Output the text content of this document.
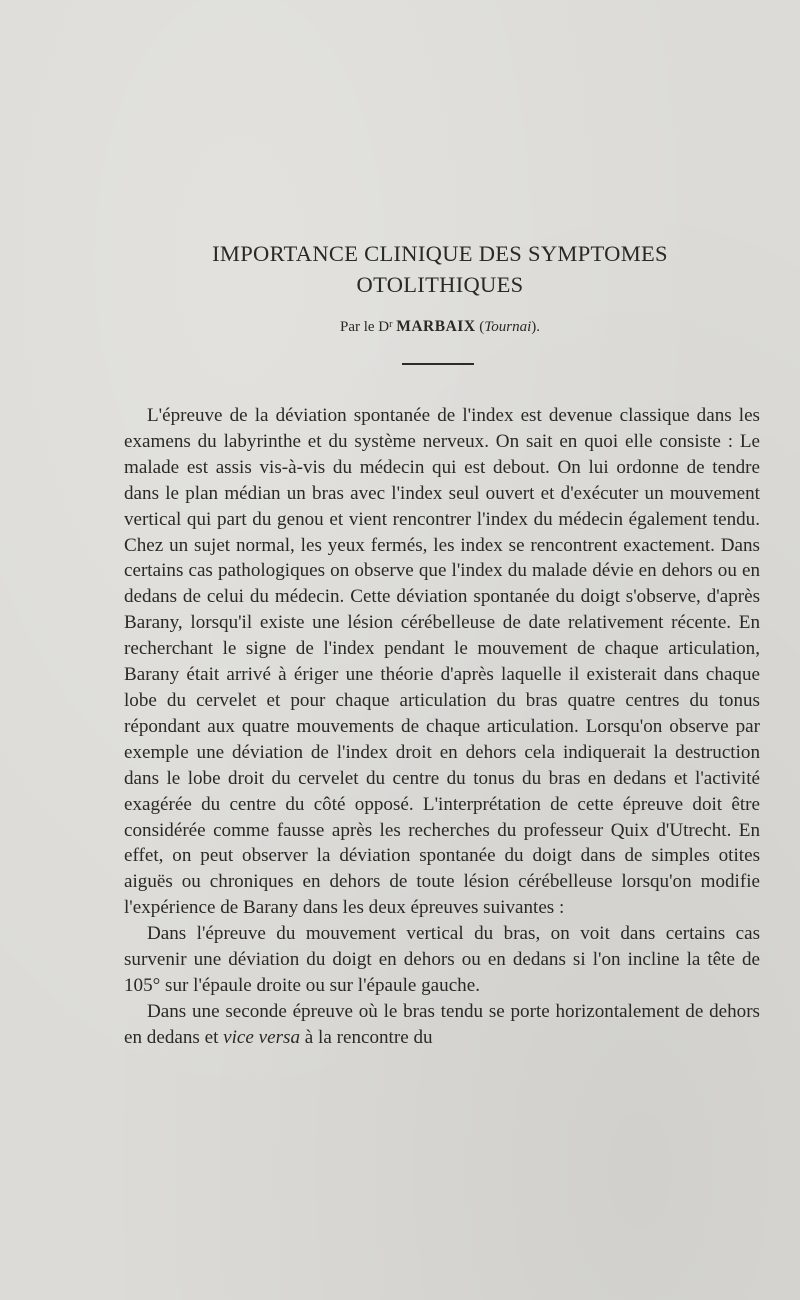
IMPORTANCE CLINIQUE DES SYMPTOMES
OTOLITHIQUES
Par le $D^r$ MARBAIX (Tournai).

L'épreuve de la déviation spontanée de l'index est devenue classique dans les examens du labyrinthe et du système nerveux. On sait en quoi elle consiste : Le malade est assis vis-à-vis du médecin qui est debout. On lui ordonne de tendre dans le plan médian un bras avec l'index seul ouvert et d'exécuter un mouvement vertical qui part du genou et vient rencontrer l'index du médecin également tendu. Chez un sujet normal, les yeux fermés, les index se rencontrent exactement. Dans certains cas pathologiques on observe que l'index du malade dévie en dehors ou en dedans de celui du médecin. Cette déviation spontanée du doigt s'observe, d'après Barany, lorsqu'il existe une lésion cérébelleuse de date relativement récente. En recherchant le signe de l'index pendant le mouvement de chaque articulation, Barany était arrivé à ériger une théorie d'après laquelle il existerait dans chaque lobe du cervelet et pour chaque articulation du bras quatre centres du tonus répondant aux quatre mouvements de chaque articulation. Lorsqu'on observe par exemple une déviation de l'index droit en dehors cela indiquerait la destruction dans le lobe droit du cervelet du centre du tonus du bras en dedans et l'activité exagérée du centre du côté opposé. L'interprétation de cette épreuve doit être considérée comme fausse après les recherches du professeur Quix d'Utrecht. En effet, on peut observer la déviation spontanée du doigt dans de simples otites aiguës ou chroniques en dehors de toute lésion cérébelleuse lorsqu'on modifie l'expérience de Barany dans les deux épreuves suivantes :

Dans l'épreuve du mouvement vertical du bras, on voit dans certains cas survenir une déviation du doigt en dehors ou en dedans si l'on incline la tête de 105° sur l'épaule droite ou sur l'épaule gauche.

Dans une seconde épreuve où le bras tendu se porte horizontalement de dehors en dedans et vice versa à la rencontre du
